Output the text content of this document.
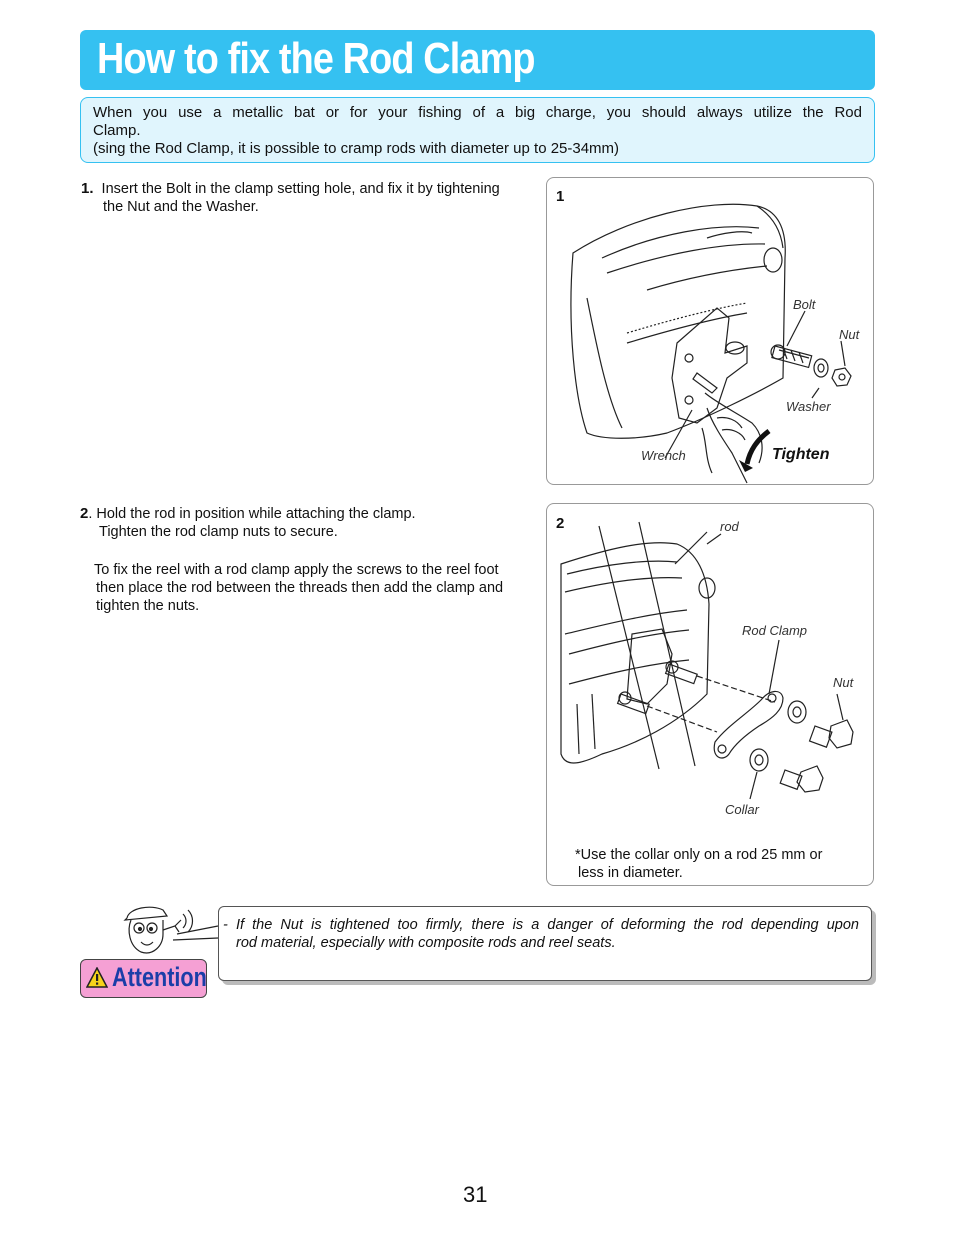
How to fix the Rod Clamp
When you use a metallic bat or for your fishing of a big charge, you should always utilize the Rod
Clamp.
(sing the Rod Clamp, it is possible to cramp rods with diameter up to 25-34mm)
1. Insert the Bolt in the clamp setting hole, and fix it by tightening
the Nut and the Washer.
2. Hold the rod in position while attaching the clamp.
Tighten the rod clamp nuts to secure.
To fix the reel with a rod clamp apply the screws to the reel foot
then place the rod between the threads then add the clamp and
tighten the nuts.
1
Bolt
Nut
Washer
Wrench	Tighten
2	rod
Rod Clamp
Nut
Collar
*Use the collar only on a rod 25 mm or
less in diameter.
Attention
- If the Nut is tightened too firmly, there is a danger of deforming the rod depending upon
rod material, especially with composite rods and reel seats.
31
